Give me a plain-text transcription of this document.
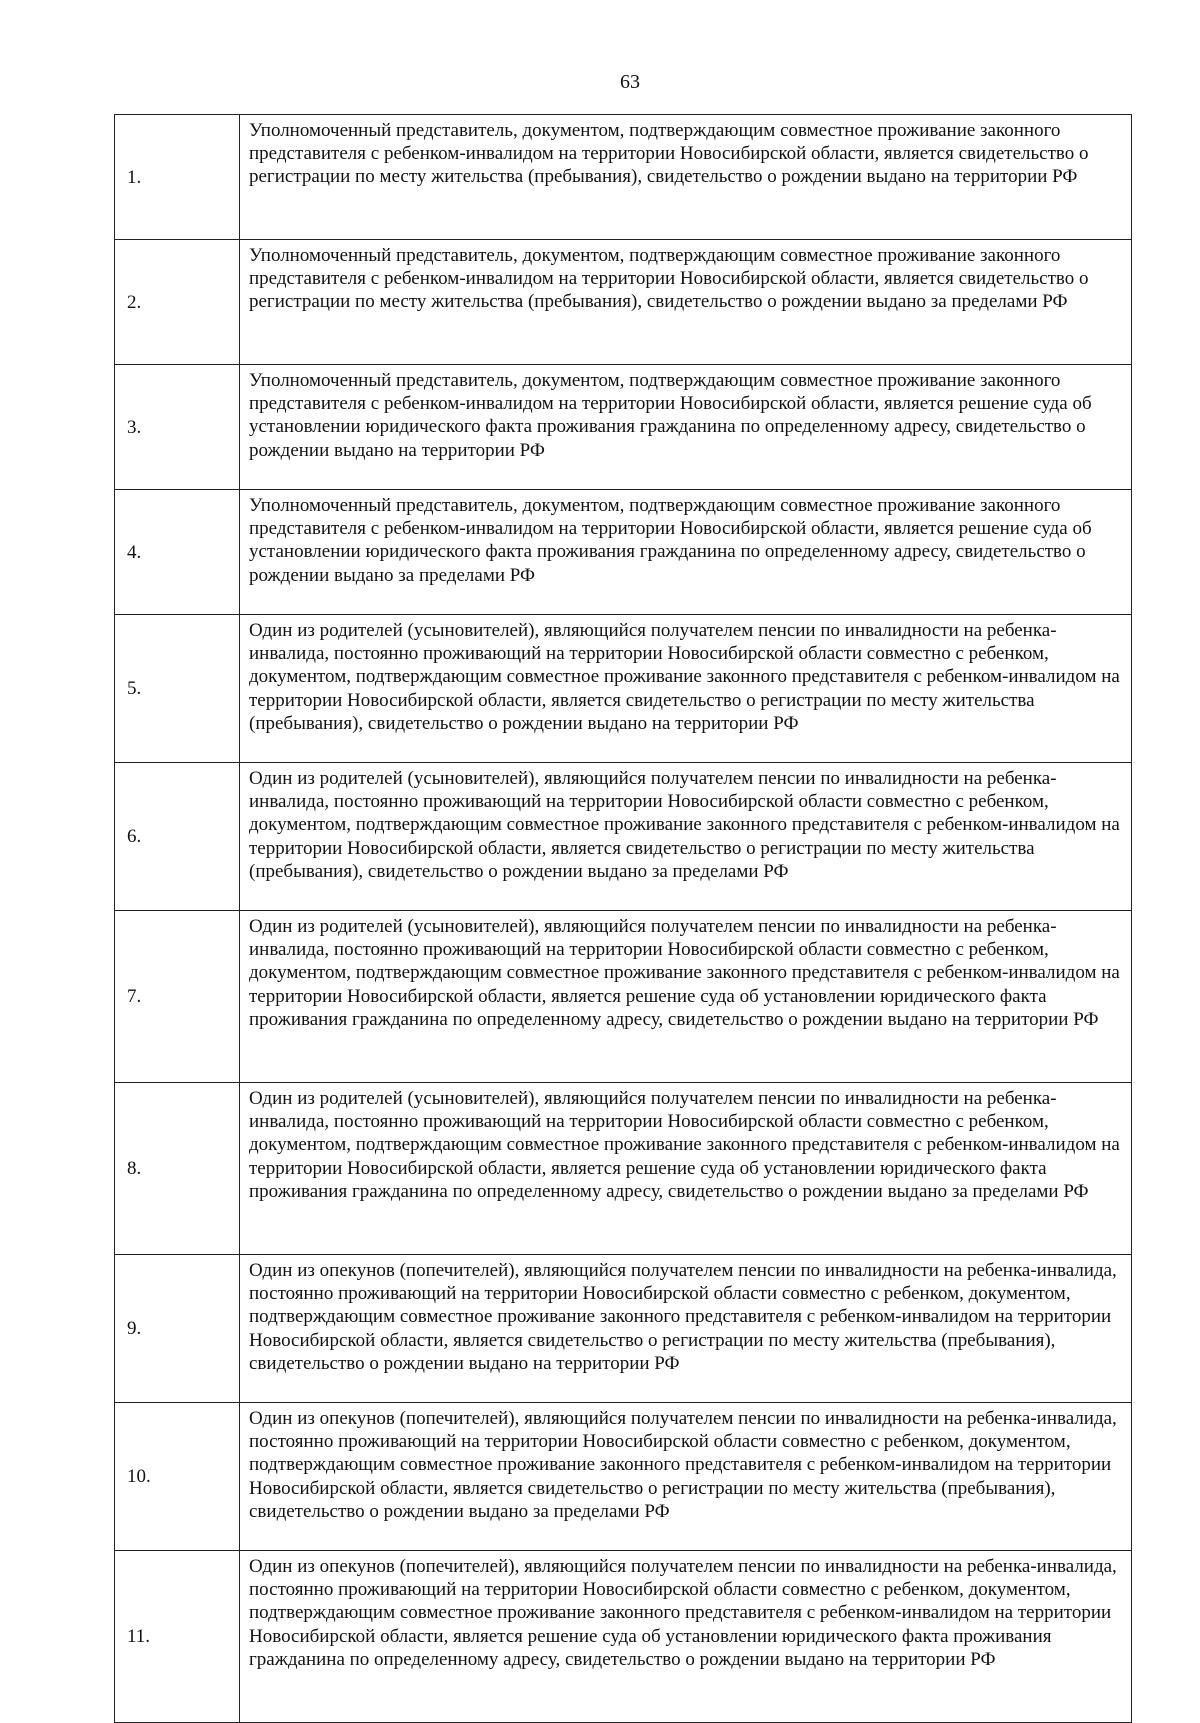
63
1.	Уполномоченный представитель, документом, подтверждающим совместное проживание законного представителя с ребенком-инвалидом на территории Новосибирской области, является свидетельство о регистрации по месту жительства (пребывания), свидетельство о рождении выдано на территории РФ
2.	Уполномоченный представитель, документом, подтверждающим совместное проживание законного представителя с ребенком-инвалидом на территории Новосибирской области, является свидетельство о регистрации по месту жительства (пребывания), свидетельство о рождении выдано за пределами РФ
3.	Уполномоченный представитель, документом, подтверждающим совместное проживание законного представителя с ребенком-инвалидом на территории Новосибирской области, является решение суда об установлении юридического факта проживания гражданина по определенному адресу, свидетельство о рождении выдано на территории РФ
4.	Уполномоченный представитель, документом, подтверждающим совместное проживание законного представителя с ребенком-инвалидом на территории Новосибирской области, является решение суда об установлении юридического факта проживания гражданина по определенному адресу, свидетельство о рождении выдано за пределами РФ
5.	Один из родителей (усыновителей), являющийся получателем пенсии по инвалидности на ребенка-инвалида, постоянно проживающий на территории Новосибирской области совместно с ребенком, документом, подтверждающим совместное проживание законного представителя с ребенком-инвалидом на территории Новосибирской области, является свидетельство о регистрации по месту жительства (пребывания), свидетельство о рождении выдано на территории РФ
6.	Один из родителей (усыновителей), являющийся получателем пенсии по инвалидности на ребенка-инвалида, постоянно проживающий на территории Новосибирской области совместно с ребенком, документом, подтверждающим совместное проживание законного представителя с ребенком-инвалидом на территории Новосибирской области, является свидетельство о регистрации по месту жительства (пребывания), свидетельство о рождении выдано за пределами РФ
7.	Один из родителей (усыновителей), являющийся получателем пенсии по инвалидности на ребенка-инвалида, постоянно проживающий на территории Новосибирской области совместно с ребенком, документом, подтверждающим совместное проживание законного представителя с ребенком-инвалидом на территории Новосибирской области, является решение суда об установлении юридического факта проживания гражданина по определенному адресу, свидетельство о рождении выдано на территории РФ
8.	Один из родителей (усыновителей), являющийся получателем пенсии по инвалидности на ребенка-инвалида, постоянно проживающий на территории Новосибирской области совместно с ребенком, документом, подтверждающим совместное проживание законного представителя с ребенком-инвалидом на территории Новосибирской области, является решение суда об установлении юридического факта проживания гражданина по определенному адресу, свидетельство о рождении выдано за пределами РФ
9.	Один из опекунов (попечителей), являющийся получателем пенсии по инвалидности на ребенка-инвалида, постоянно проживающий на территории Новосибирской области совместно с ребенком, документом, подтверждающим совместное проживание законного представителя с ребенком-инвалидом на территории Новосибирской области, является свидетельство о регистрации по месту жительства (пребывания), свидетельство о рождении выдано на территории РФ
10.	Один из опекунов (попечителей), являющийся получателем пенсии по инвалидности на ребенка-инвалида, постоянно проживающий на территории Новосибирской области совместно с ребенком, документом, подтверждающим совместное проживание законного представителя с ребенком-инвалидом на территории Новосибирской области, является свидетельство о регистрации по месту жительства (пребывания), свидетельство о рождении выдано за пределами РФ
11.	Один из опекунов (попечителей), являющийся получателем пенсии по инвалидности на ребенка-инвалида, постоянно проживающий на территории Новосибирской области совместно с ребенком, документом, подтверждающим совместное проживание законного представителя с ребенком-инвалидом на территории Новосибирской области, является решение суда об установлении юридического факта проживания гражданина по определенному адресу, свидетельство о рождении выдано на территории РФ
